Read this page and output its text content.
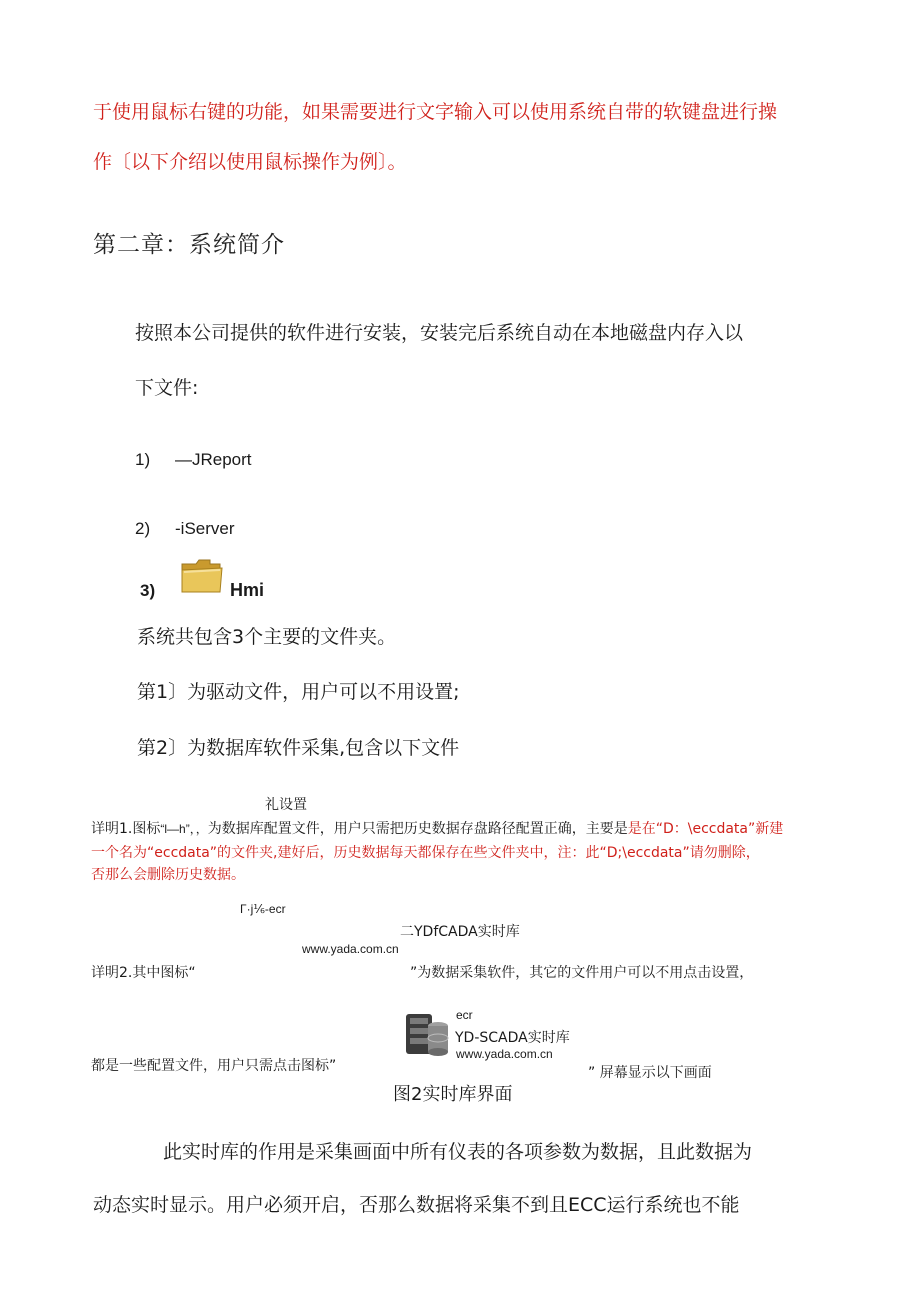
于使用鼠标右键的功能，如果需要进行文字输入可以使用系统自带的软键盘进行操
作〔以下介绍以使用鼠标操作为例〕。
第二章：系统简介
按照本公司提供的软件进行安装，安装完后系统自动在本地磁盘内存入以
下文件:
1) —JReport
2) -iServer
3)	Hmi
系统共包含3个主要的文件夹。
第1〕为驱动文件，用户可以不用设置;
第2〕为数据库软件采集,包含以下文件
礼设置
详明1.图标“l—h”，，为数据库配置文件，用户只需把历史数据存盘路径配置正确，主要是是在“D：\eccdata”新建
一个名为“eccdata”的文件夹,建好后，历史数据每天都保存在些文件夹中，注：此“D;\eccdata”请勿删除，
否那么会删除历史数据。
Γ·j⅙-ecr
二YDfCADA实时库
www.yada.com.cn
详明2.其中图标“	”为数据采集软件，其它的文件用户可以不用点击设置，
ecr
YD-SCADA实时库
www.yada.com.cn
都是一些配置文件，用户只需点击图标”	” 屏幕显示以下画面
图2实时库界面
此实时库的作用是采集画面中所有仪表的各项参数为数据，且此数据为
动态实时显示。用户必须开启，否那么数据将采集不到且ECC运行系统也不能
